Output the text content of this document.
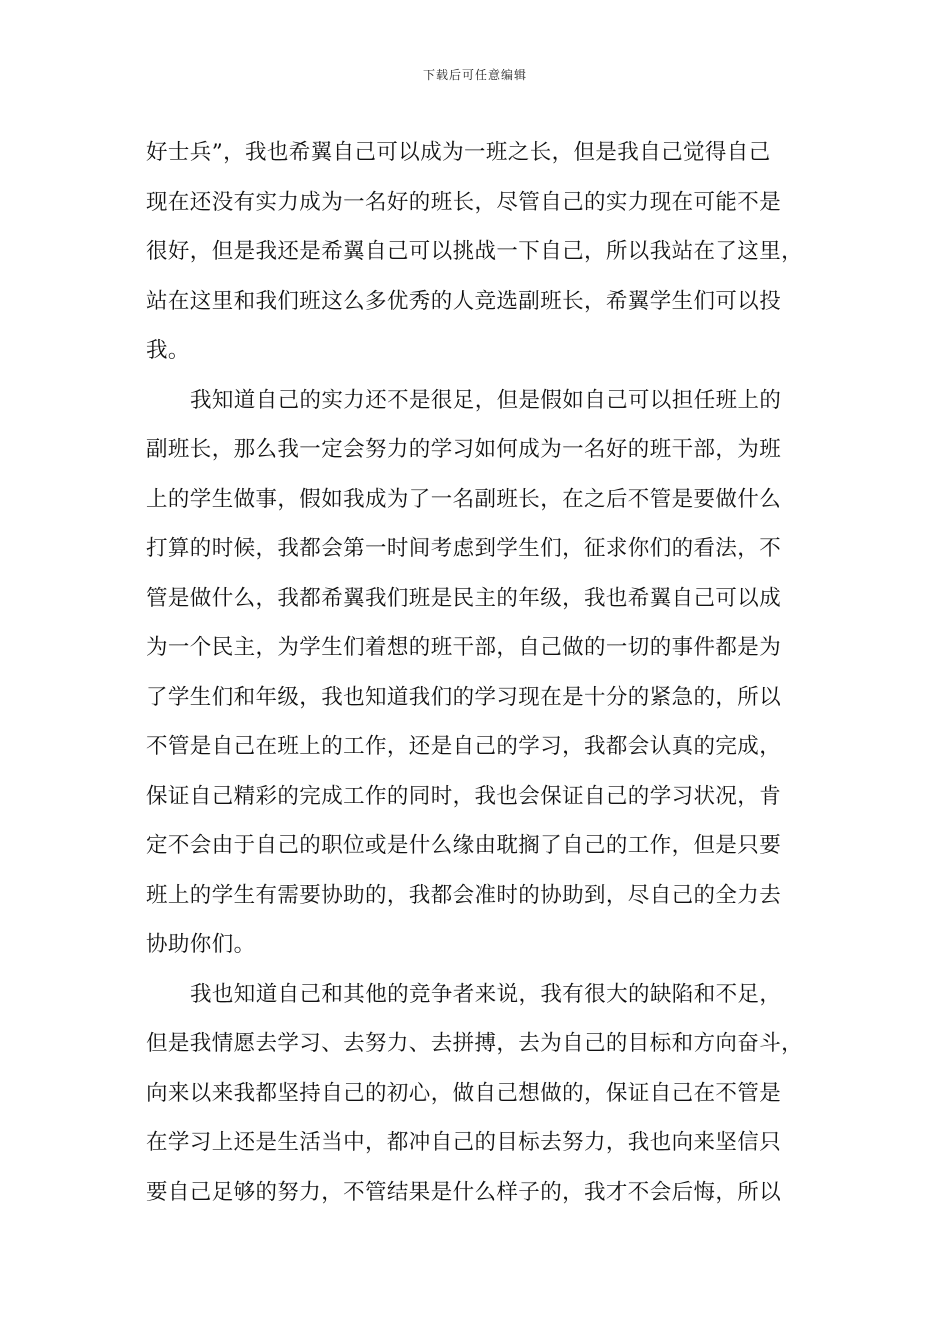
下载后可任意编辑
好士兵”，我也希翼自己可以成为一班之长，但是我自己觉得自己
现在还没有实力成为一名好的班长，尽管自己的实力现在可能不是
很好，但是我还是希翼自己可以挑战一下自己，所以我站在了这里，
站在这里和我们班这么多优秀的人竞选副班长，希翼学生们可以投
我。
我知道自己的实力还不是很足，但是假如自己可以担任班上的
副班长，那么我一定会努力的学习如何成为一名好的班干部，为班
上的学生做事，假如我成为了一名副班长，在之后不管是要做什么
打算的时候，我都会第一时间考虑到学生们，征求你们的看法，不
管是做什么，我都希翼我们班是民主的年级，我也希翼自己可以成
为一个民主，为学生们着想的班干部，自己做的一切的事件都是为
了学生们和年级，我也知道我们的学习现在是十分的紧急的，所以
不管是自己在班上的工作，还是自己的学习，我都会认真的完成，
保证自己精彩的完成工作的同时，我也会保证自己的学习状况，肯
定不会由于自己的职位或是什么缘由耽搁了自己的工作，但是只要
班上的学生有需要协助的，我都会准时的协助到，尽自己的全力去
协助你们。
我也知道自己和其他的竞争者来说，我有很大的缺陷和不足，
但是我情愿去学习、去努力、去拼搏，去为自己的目标和方向奋斗，
向来以来我都坚持自己的初心，做自己想做的，保证自己在不管是
在学习上还是生活当中，都冲自己的目标去努力，我也向来坚信只
要自己足够的努力，不管结果是什么样子的，我才不会后悔，所以
